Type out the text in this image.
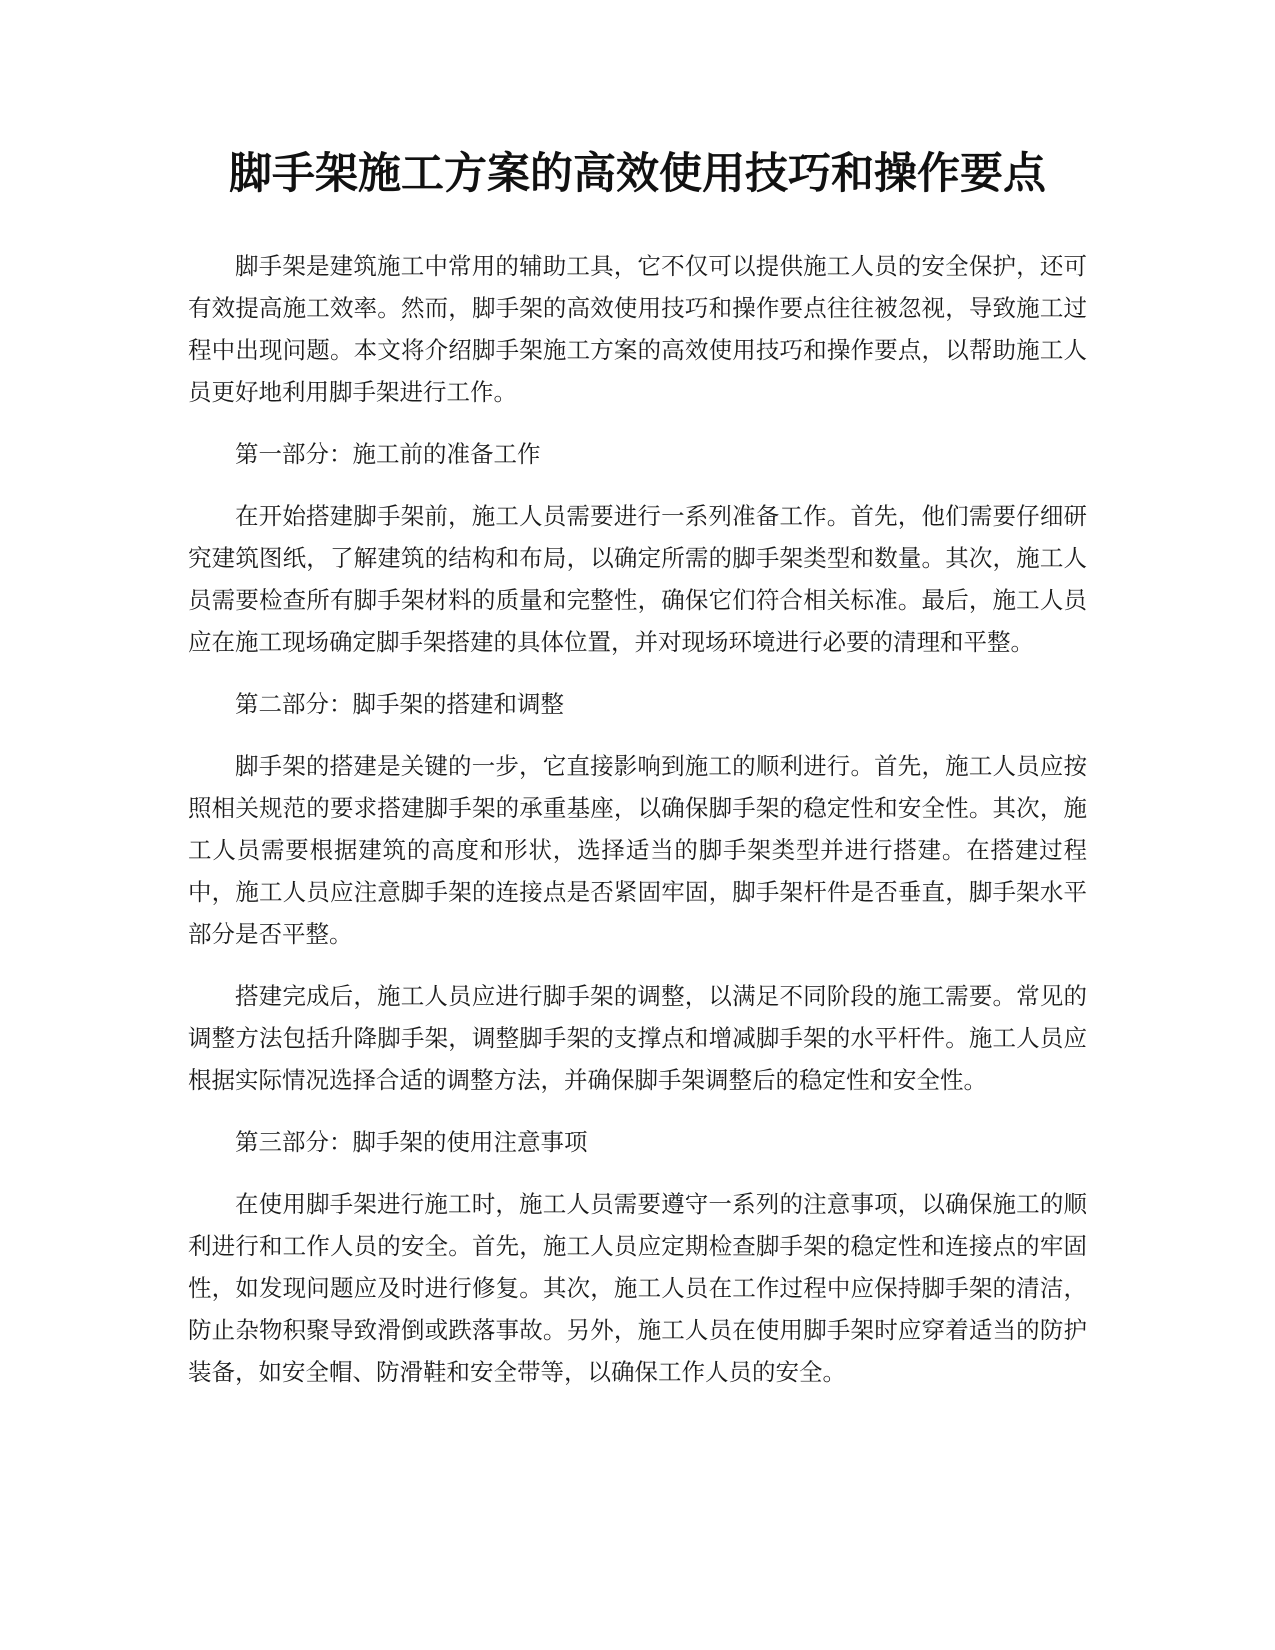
脚手架施工方案的高效使用技巧和操作要点

脚手架是建筑施工中常用的辅助工具，它不仅可以提供施工人员的安全保护，还可有效提高施工效率。然而，脚手架的高效使用技巧和操作要点往往被忽视，导致施工过程中出现问题。本文将介绍脚手架施工方案的高效使用技巧和操作要点，以帮助施工人员更好地利用脚手架进行工作。

第一部分：施工前的准备工作

在开始搭建脚手架前，施工人员需要进行一系列准备工作。首先，他们需要仔细研究建筑图纸，了解建筑的结构和布局，以确定所需的脚手架类型和数量。其次，施工人员需要检查所有脚手架材料的质量和完整性，确保它们符合相关标准。最后，施工人员应在施工现场确定脚手架搭建的具体位置，并对现场环境进行必要的清理和平整。

第二部分：脚手架的搭建和调整

脚手架的搭建是关键的一步，它直接影响到施工的顺利进行。首先，施工人员应按照相关规范的要求搭建脚手架的承重基座，以确保脚手架的稳定性和安全性。其次，施工人员需要根据建筑的高度和形状，选择适当的脚手架类型并进行搭建。在搭建过程中，施工人员应注意脚手架的连接点是否紧固牢固，脚手架杆件是否垂直，脚手架水平部分是否平整。

搭建完成后，施工人员应进行脚手架的调整，以满足不同阶段的施工需要。常见的调整方法包括升降脚手架，调整脚手架的支撑点和增减脚手架的水平杆件。施工人员应根据实际情况选择合适的调整方法，并确保脚手架调整后的稳定性和安全性。

第三部分：脚手架的使用注意事项

在使用脚手架进行施工时，施工人员需要遵守一系列的注意事项，以确保施工的顺利进行和工作人员的安全。首先，施工人员应定期检查脚手架的稳定性和连接点的牢固性，如发现问题应及时进行修复。其次，施工人员在工作过程中应保持脚手架的清洁，防止杂物积聚导致滑倒或跌落事故。另外，施工人员在使用脚手架时应穿着适当的防护装备，如安全帽、防滑鞋和安全带等，以确保工作人员的安全。
